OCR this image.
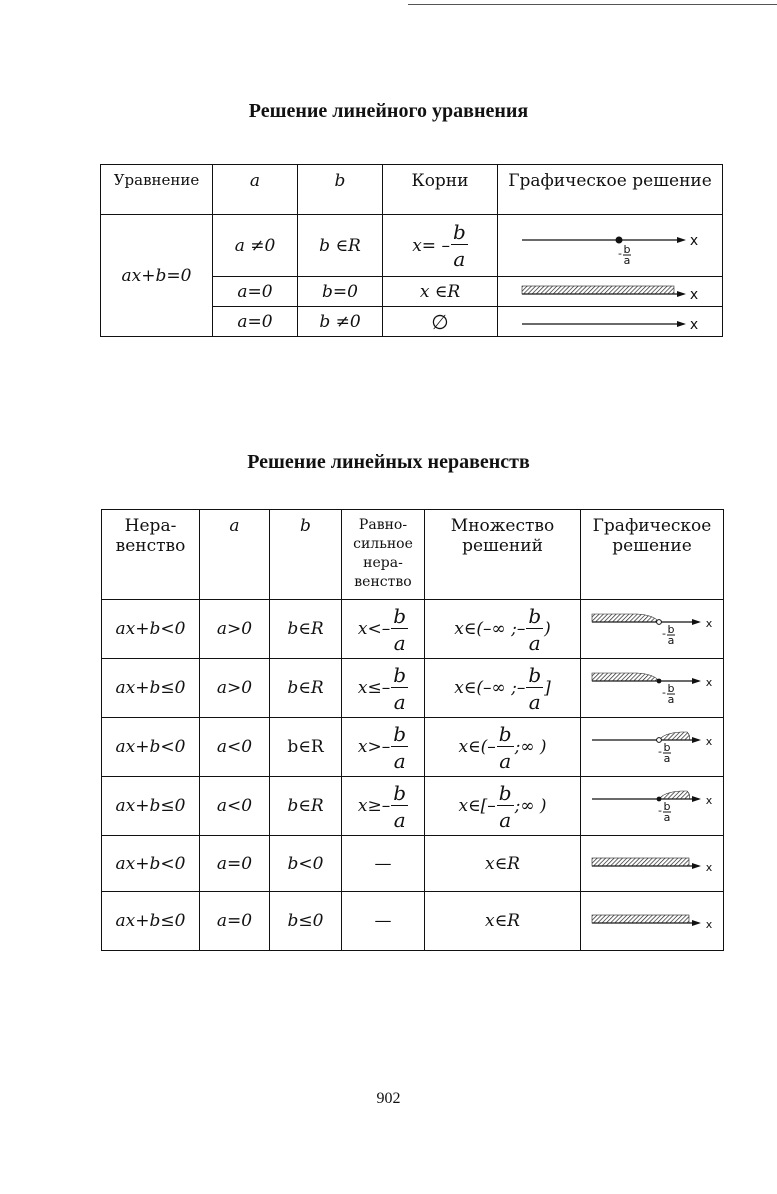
Решение линейного уравнения
Уравнение	a	b	Корни	Графическое решение
ax+b=0	a ≠0	b ∈R	$x= - \frac{b}{a}$	x
- b
a

	a=0	b=0	x ∈R	x

	a=0	b ≠0	∅	x
Решение линейных неравенств
Нера-венство	a	b	Равно-сильное нера-венство	Множество решений	Графическое решение
ax+b<0	a>0	b∈R	$x<- \frac{b}{a}$	x∈(–∞ ;– $\frac{b}{a}$ )	x
- b
a

ax+b≤0	a>0	b∈R	$x\le- \frac{b}{a}$	x∈(–∞ ;– $\frac{b}{a}$ ]	x
- b
a

ax+b<0	a<0	b∈R	$x>- \frac{b}{a}$	x∈(– $\frac{b}{a}$ ;∞ )	x
- b
a

ax+b≤0	a<0	b∈R	$x\ge- \frac{b}{a}$	x∈[– $\frac{b}{a}$ ;∞ )	x
- b
a

ax+b<0	a=0	b<0	—	x∈R	x

ax+b≤0	a=0	b≤0	—	x∈R	x
902
